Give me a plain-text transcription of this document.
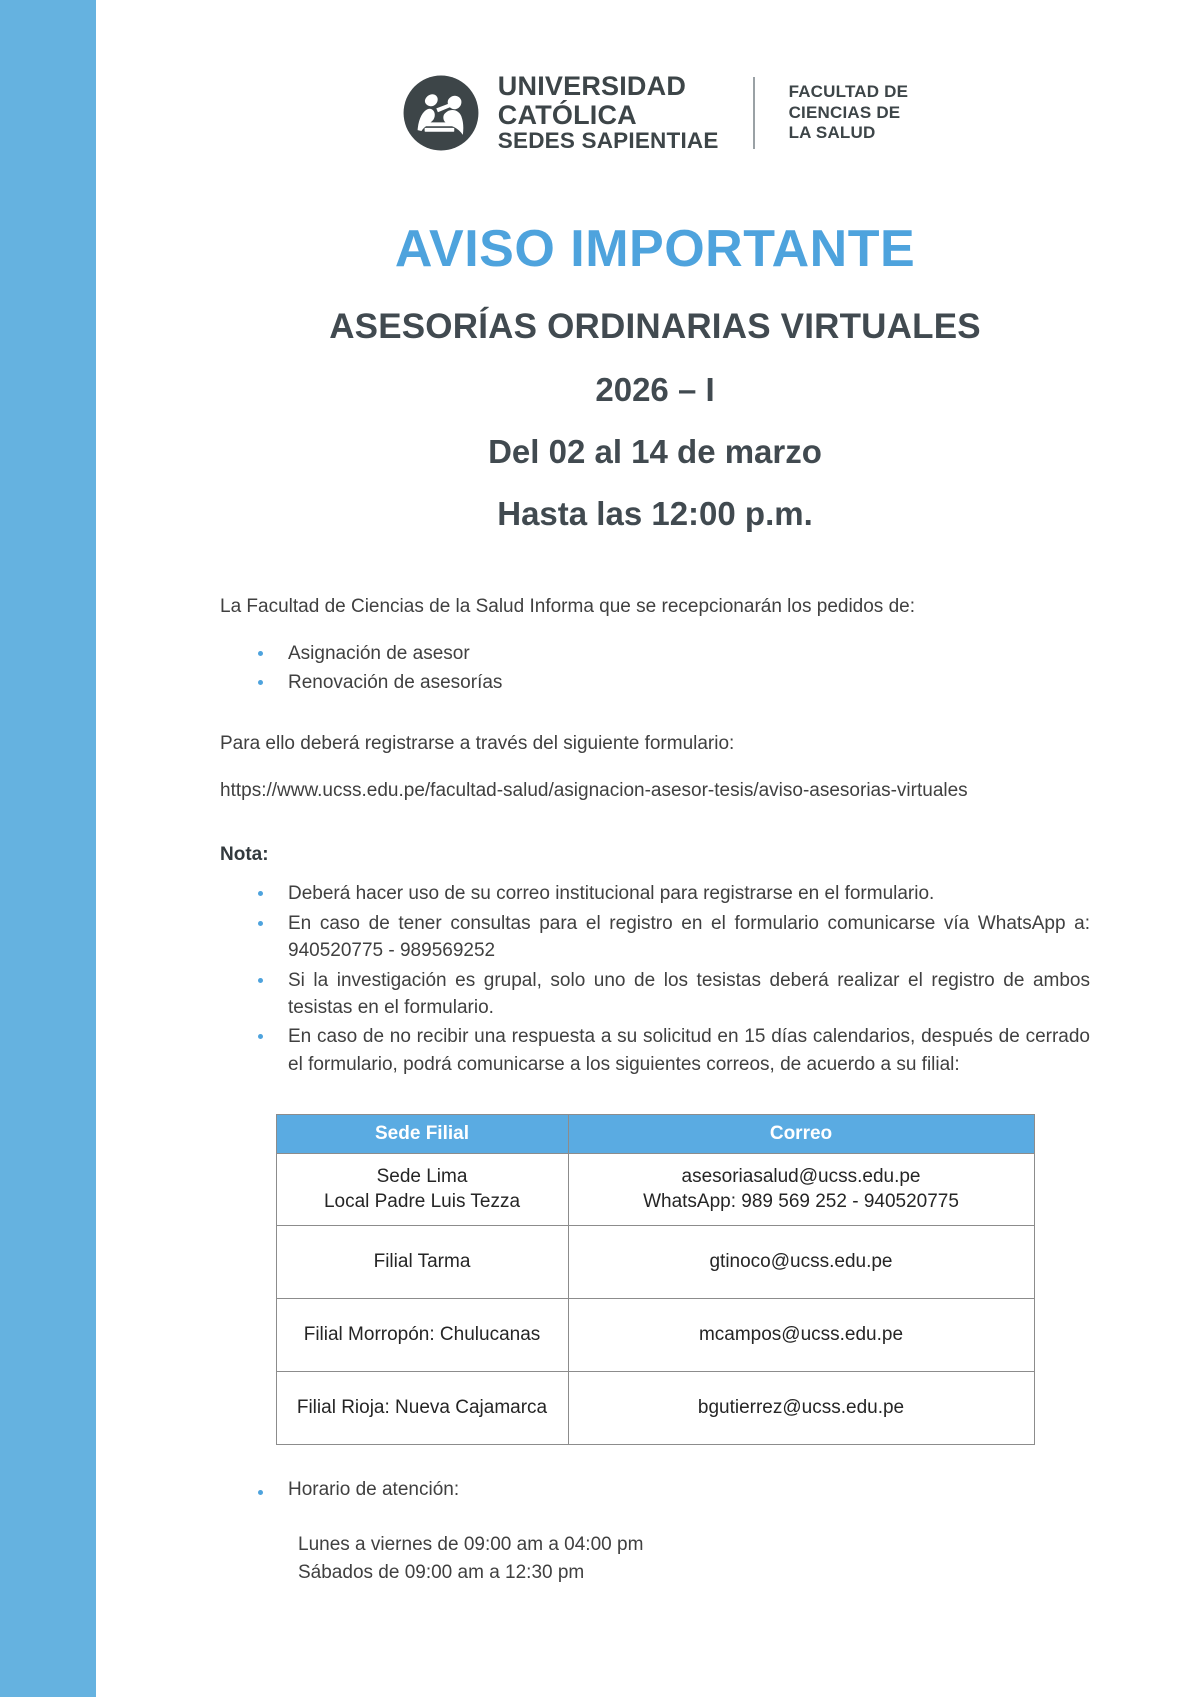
UNIVERSIDAD
CATÓLICA
SEDES SAPIENTIAE
FACULTAD DE
CIENCIAS DE
LA SALUD
AVISO IMPORTANTE
ASESORÍAS ORDINARIAS VIRTUALES
2026 – I
Del 02 al 14 de marzo
Hasta las 12:00 p.m.

La Facultad de Ciencias de la Salud Informa que se recepcionarán los pedidos de:

Asignación de asesor
Renovación de asesorías

Para ello deberá registrarse a través del siguiente formulario:

https://www.ucss.edu.pe/facultad-salud/asignacion-asesor-tesis/aviso-asesorias-virtuales
Nota:
Deberá hacer uso de su correo institucional para registrarse en el formulario.
En caso de tener consultas para el registro en el formulario comunicarse vía WhatsApp a: 940520775 - 989569252
Si la investigación es grupal, solo uno de los tesistas deberá realizar el registro de ambos tesistas en el formulario.
En caso de no recibir una respuesta a su solicitud en 15 días calendarios, después de cerrado el formulario, podrá comunicarse a los siguientes correos, de acuerdo a su filial:
Sede Filial	Correo
Sede Lima
Local Padre Luis Tezza	asesoriasalud@ucss.edu.pe
WhatsApp: 989 569 252 - 940520775
Filial Tarma	gtinoco@ucss.edu.pe
Filial Morropón: Chulucanas	mcampos@ucss.edu.pe
Filial Rioja: Nueva Cajamarca	bgutierrez@ucss.edu.pe
Horario de atención:
Lunes a viernes de 09:00 am a 04:00 pm
Sábados de 09:00 am a 12:30 pm
